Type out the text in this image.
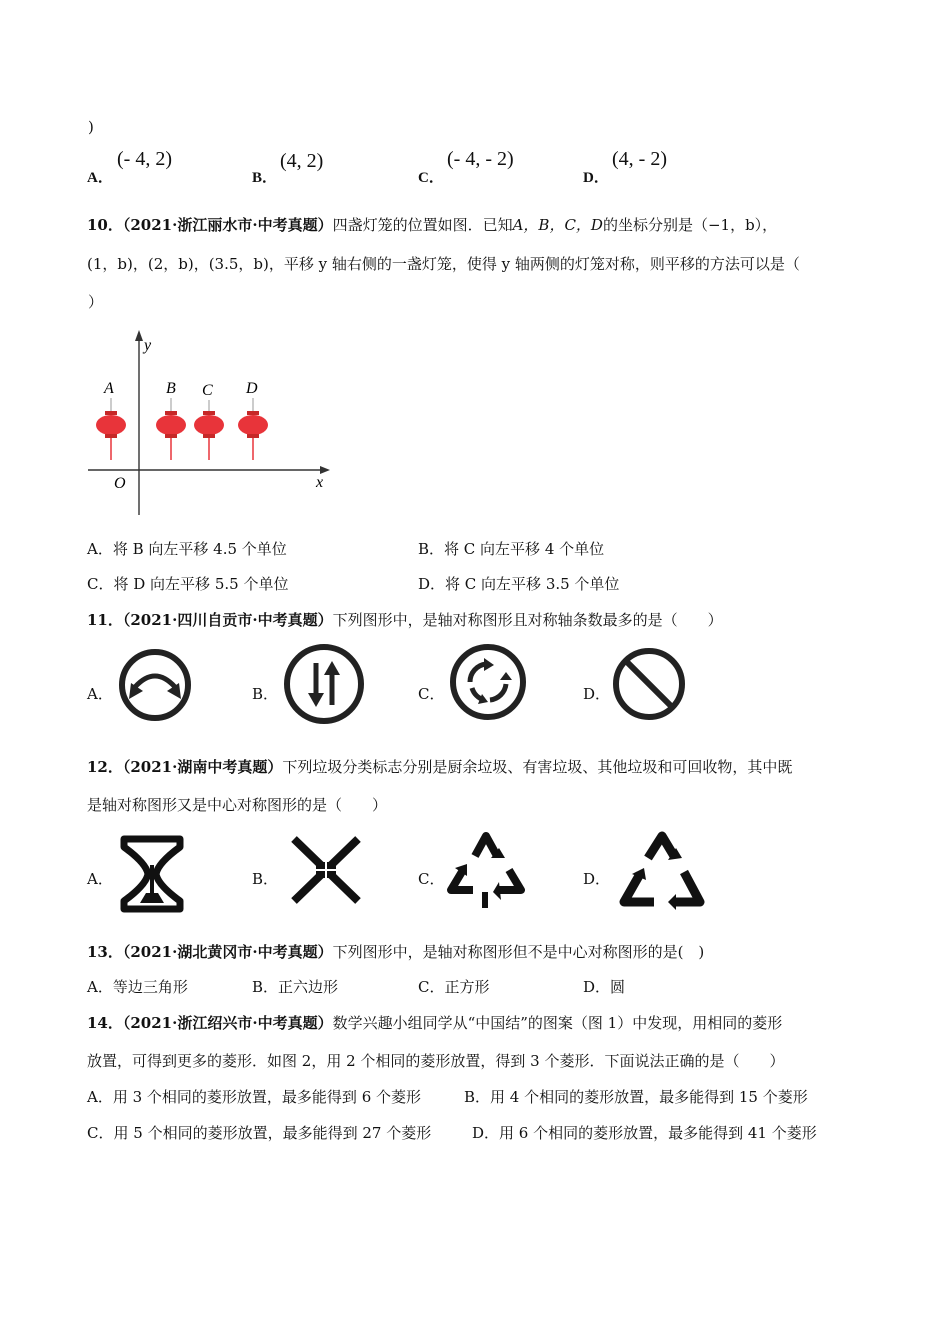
)
A．
(- 4, 2)
B．
(4, 2)
C．
(- 4, - 2)
D．
(4, - 2)
10．（2021·浙江丽水市·中考真题）四盏灯笼的位置如图．已知A，B，C，D的坐标分别是（−1，b），
(1，b)，(2，b)，(3.5，b)，平移 y 轴右侧的一盏灯笼，使得 y 轴两侧的灯笼对称，则平移的方法可以是（
）
y
x
O
A	B C D
A．将 B 向左平移 4.5 个单位	B．将 C 向左平移 4 个单位
C．将 D 向左平移 5.5 个单位	D．将 C 向左平移 3.5 个单位
11．（2021·四川自贡市·中考真题）下列图形中，是轴对称图形且对称轴条数最多的是（　　）
A．	B．	C．	D．
12．（2021·湖南中考真题）下列垃圾分类标志分别是厨余垃圾、有害垃圾、其他垃圾和可回收物，其中既
是轴对称图形又是中心对称图形的是（　　）
A．	B．	C．	D．
13．（2021·湖北黄冈市·中考真题）下列图形中，是轴对称图形但不是中心对称图形的是(　)
A．等边三角形	B．正六边形	C．正方形	D．圆
14．（2021·浙江绍兴市·中考真题）数学兴趣小组同学从“中国结”的图案（图 1）中发现，用相同的菱形
放置，可得到更多的菱形．如图 2，用 2 个相同的菱形放置，得到 3 个菱形．下面说法正确的是（　　）
A．用 3 个相同的菱形放置，最多能得到 6 个菱形	B．用 4 个相同的菱形放置，最多能得到 15 个菱形
C．用 5 个相同的菱形放置，最多能得到 27 个菱形	D．用 6 个相同的菱形放置，最多能得到 41 个菱形
